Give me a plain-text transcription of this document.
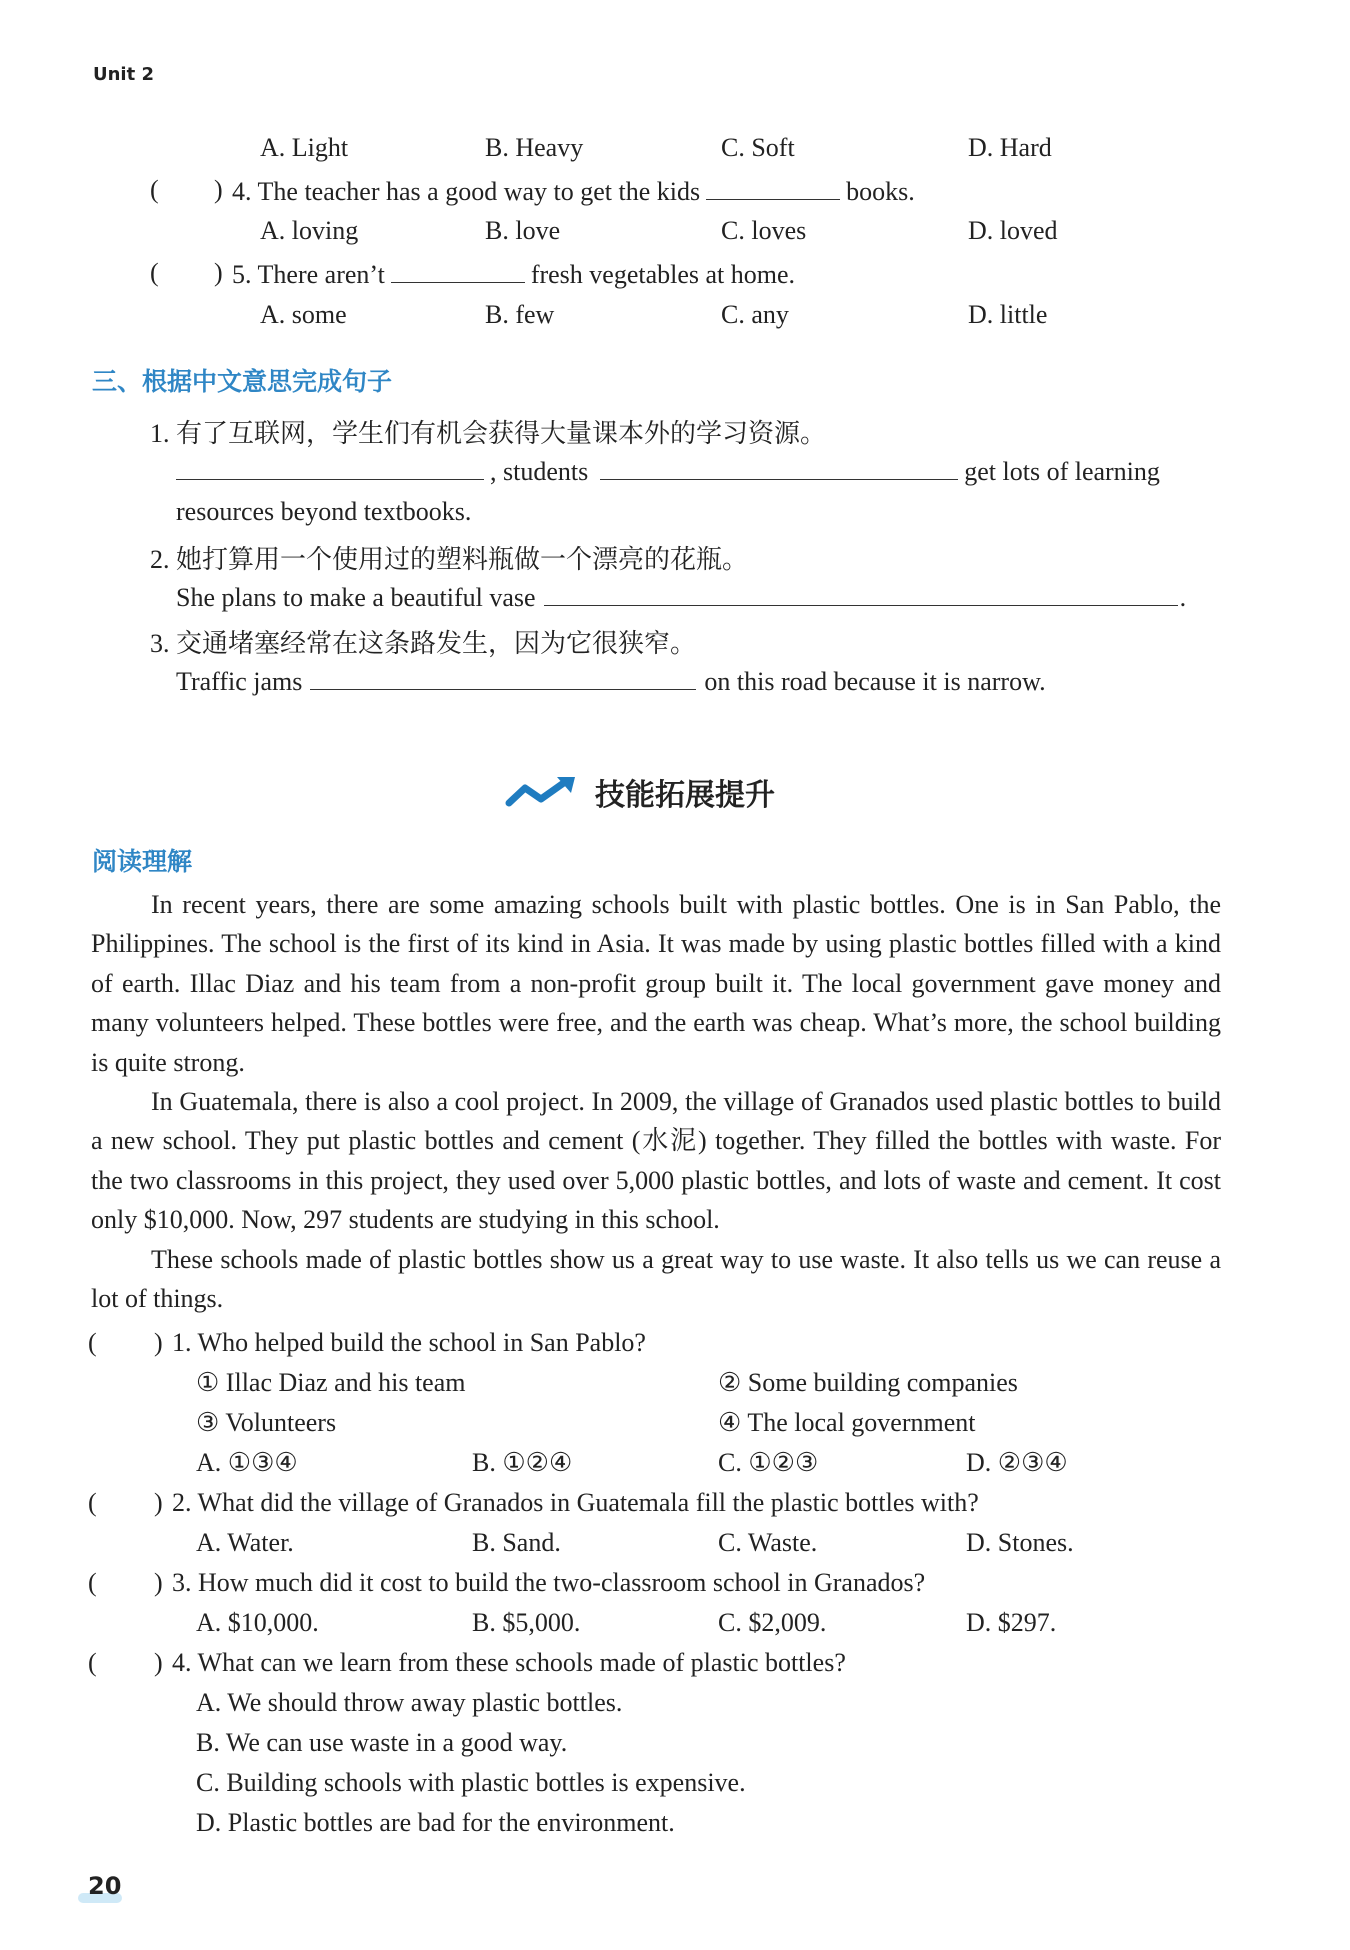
Unit 2
A. Light	B. Heavy	C. Soft	D. Hard
( ) 4. The teacher has a good way to get the kids	books.
A. loving	B. love	C. loves	D. loved
( ) 5. There aren’t	fresh vegetables at home.
A. some	B. few	C. any	D. little
三、根据中文意思完成句子
1. 有了互联网，学生们有机会获得大量课本外的学习资源。
, students	get lots of learning
resources beyond textbooks.
2. 她打算用一个使用过的塑料瓶做一个漂亮的花瓶。
She plans to make a beautiful vase	.
3. 交通堵塞经常在这条路发生，因为它很狭窄。
Traffic jams	on this road because it is narrow.
技能拓展提升
阅读理解
In recent years, there are some amazing schools built with plastic bottles. One is in San Pablo, the Philippines. The school is the first of its kind in Asia. It was made by using plastic bottles filled with a kind of earth. Illac Diaz and his team from a non-profit group built it. The local government gave money and many volunteers helped. These bottles were free, and the earth was cheap. What’s more, the school building is quite strong.
In Guatemala, there is also a cool project. In 2009, the village of Granados used plastic bottles to build a new school. They put plastic bottles and cement (水泥) together. They filled the bottles with waste. For the two classrooms in this project, they used over 5,000 plastic bottles, and lots of waste and cement. It cost only $10,000. Now, 297 students are studying in this school.
These schools made of plastic bottles show us a great way to use waste. It also tells us we can reuse a lot of things.
( ) 1. Who helped build the school in San Pablo?
① Illac Diaz and his team	② Some building companies
③ Volunteers	④ The local government
A. ①③④	B. ①②④	C. ①②③	D. ②③④
( ) 2. What did the village of Granados in Guatemala fill the plastic bottles with?
A. Water.	B. Sand.	C. Waste.	D. Stones.
( ) 3. How much did it cost to build the two-classroom school in Granados?
A. $10,000.	B. $5,000.	C. $2,009.	D. $297.
( ) 4. What can we learn from these schools made of plastic bottles?
A. We should throw away plastic bottles.
B. We can use waste in a good way.
C. Building schools with plastic bottles is expensive.
D. Plastic bottles are bad for the environment.
20
